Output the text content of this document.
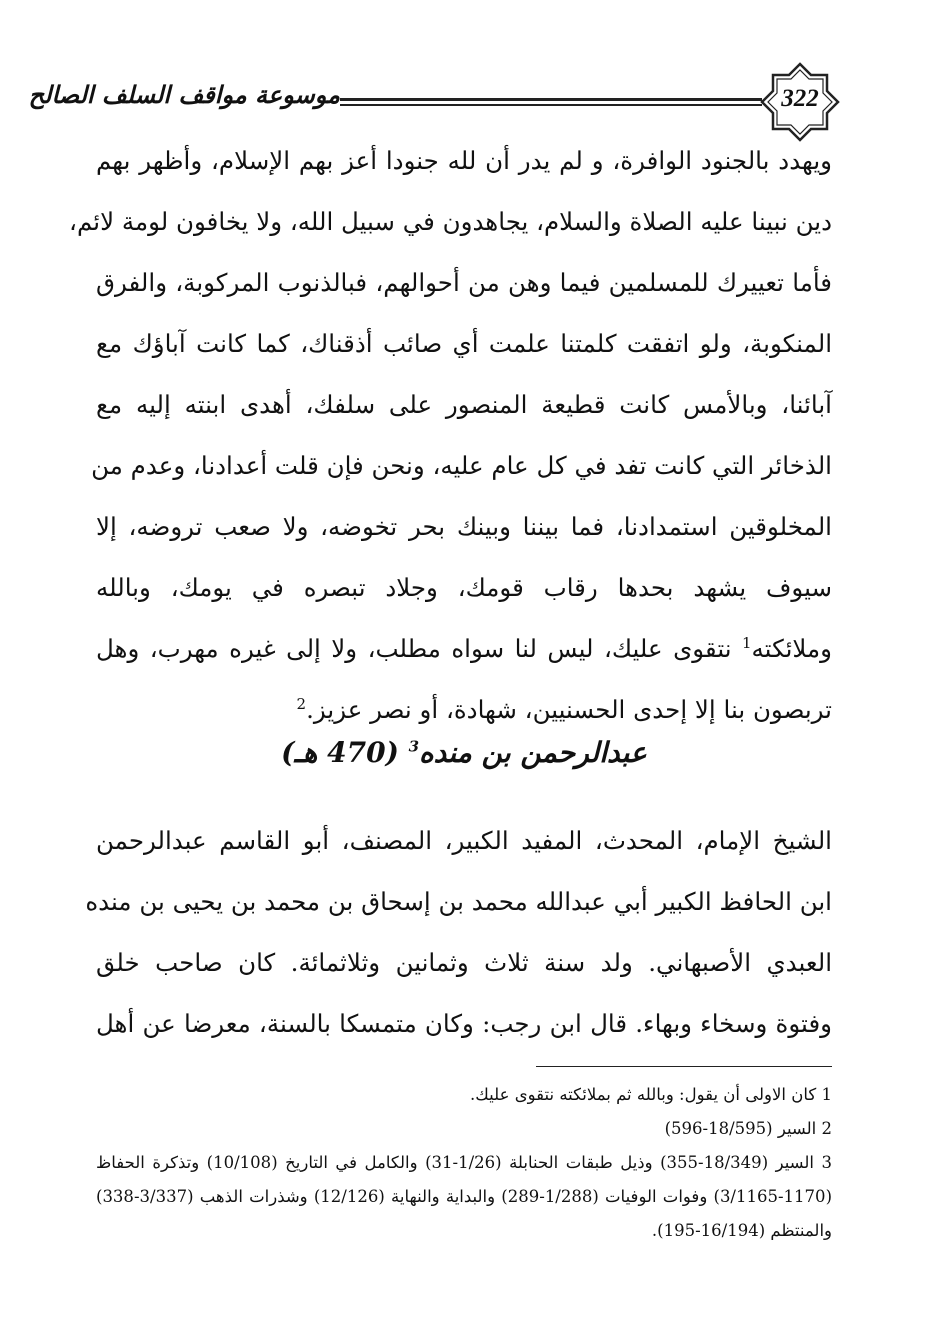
322
موسوعة مواقف السلف الصالح
ويهدد بالجنود الوافرة، و لم يدر أن لله جنودا أعز بهم الإسلام، وأظهر بهم
دين نبينا عليه الصلاة والسلام، يجاهدون في سبيل الله، ولا يخافون لومة لائم،
فأما تعييرك للمسلمين فيما وهن من أحوالهم، فبالذنوب المركوبة، والفرق
المنكوبة، ولو اتفقت كلمتنا علمت أي صائب أذقناك، كما كانت آباؤك مع
آبائنا، وبالأمس كانت قطيعة المنصور على سلفك، أهدى ابنته إليه مع
الذخائر التي كانت تفد في كل عام عليه، ونحن فإن قلت أعدادنا، وعدم من
المخلوقين استمدادنا، فما بيننا وبينك بحر تخوضه، ولا صعب تروضه، إلا
سيوف يشهد بحدها رقاب قومك، وجلاد تبصره في يومك، وبالله
وملائكته$^1$ نتقوى عليك، ليس لنا سواه مطلب، ولا إلى غيره مهرب، وهل
تربصون بنا إلا إحدى الحسنيين، شهادة، أو نصر عزيز.$^2$
عبدالرحمن بن منده$^3$ (470 هـ)
الشيخ الإمام، المحدث، المفيد الكبير، المصنف، أبو القاسم عبدالرحمن
ابن الحافظ الكبير أبي عبدالله محمد بن إسحاق بن محمد بن يحيى بن منده
العبدي الأصبهاني. ولد سنة ثلاث وثمانين وثلاثمائة. كان صاحب خلق
وفتوة وسخاء وبهاء. قال ابن رجب: وكان متمسكا بالسنة، معرضا عن أهل
1 كان الاولى أن يقول: وبالله ثم بملائكته نتقوى عليك.
2 السير (18/595-596)
3 السير (18/349-355) وذيل طبقات الحنابلة (1/26-31) والكامل في التاريخ (10/108) وتذكرة الحفاظ
(3/1165-1170) وفوات الوفيات (1/288-289) والبداية والنهاية (12/126) وشذرات الذهب (3/337-338)
والمنتظم (16/194-195).
